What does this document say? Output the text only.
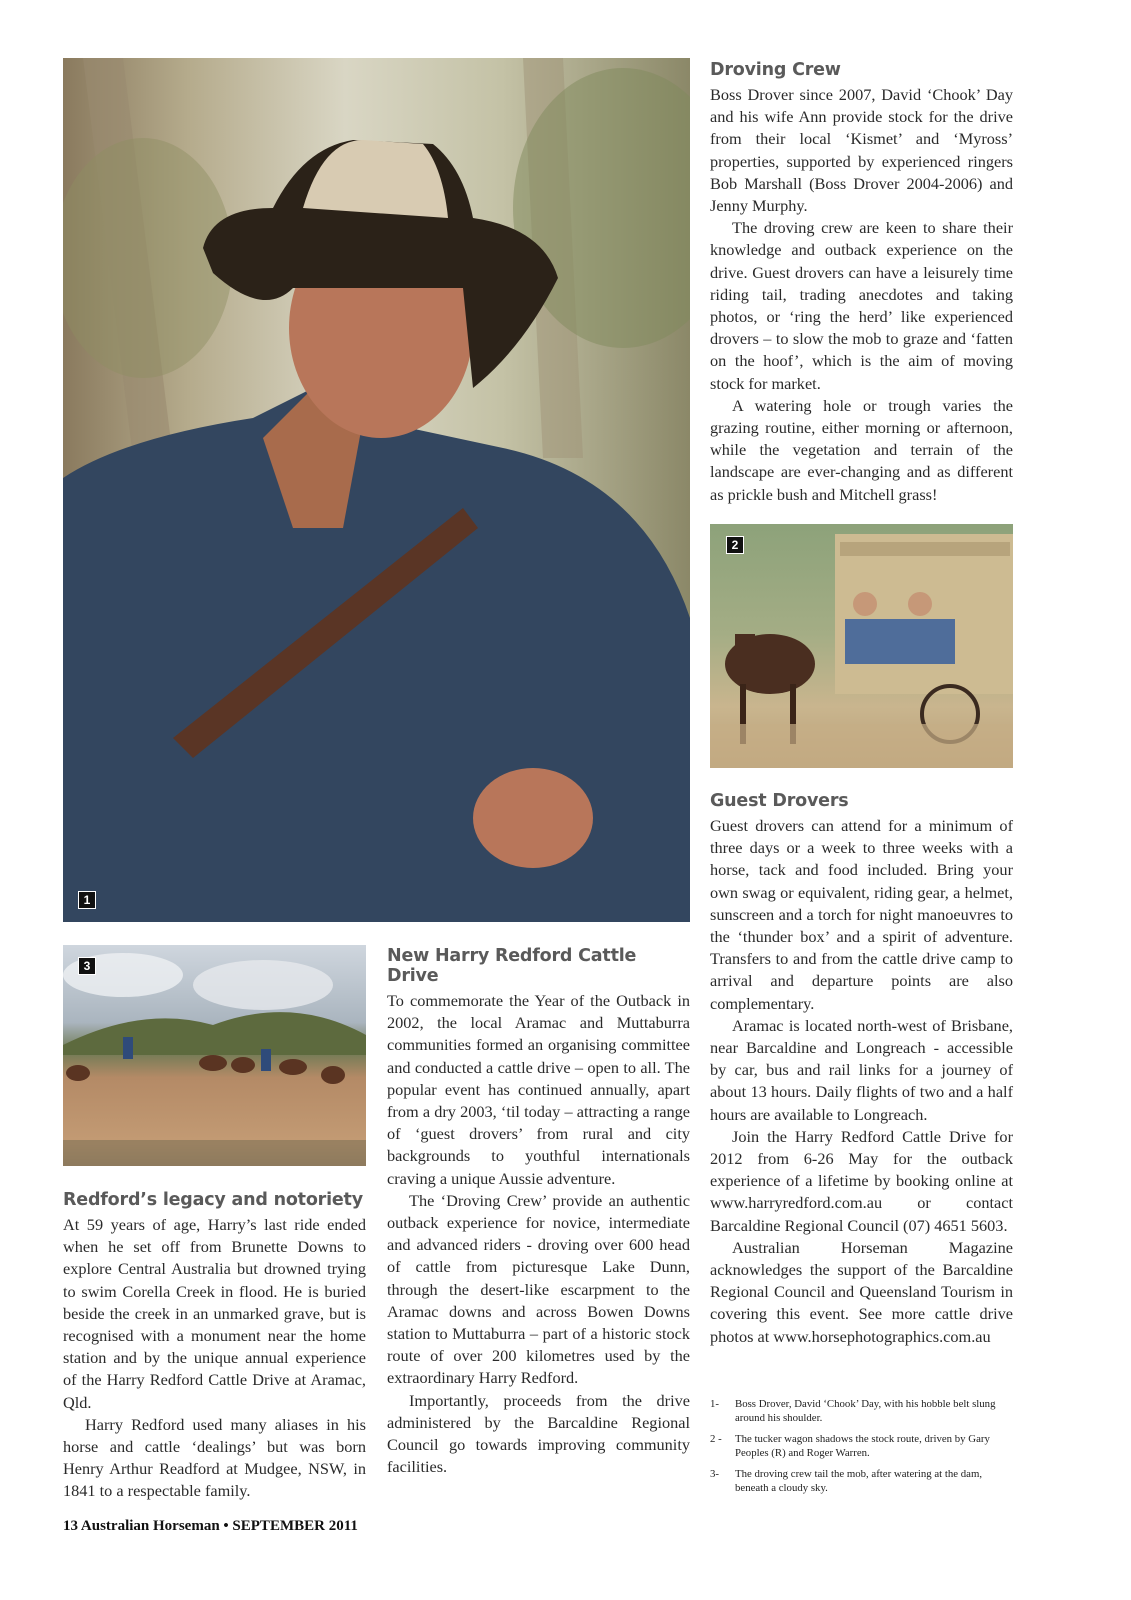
1
2
3
Droving Crew

Boss Drover since 2007, David ‘Chook’ Day and his wife Ann provide stock for the drive from their local ‘Kismet’ and ‘Myross’ properties, supported by experienced ringers Bob Marshall (Boss Drover 2004-2006) and Jenny Murphy.

The droving crew are keen to share their knowledge and outback experience on the drive. Guest drovers can have a leisurely time riding tail, trading anecdotes and taking photos, or ‘ring the herd’ like experienced drovers – to slow the mob to graze and ‘fatten on the hoof’, which is the aim of moving stock for market.

A watering hole or trough varies the grazing routine, either morning or afternoon, while the vegetation and terrain of the landscape are ever-changing and as different as prickle bush and Mitchell grass!

Guest Drovers

Guest drovers can attend for a minimum of three days or a week to three weeks with a horse, tack and food included. Bring your own swag or equivalent, riding gear, a helmet, sunscreen and a torch for night manoeuvres to the ‘thunder box’ and a spirit of adventure. Transfers to and from the cattle drive camp to arrival and departure points are also complementary.

Aramac is located north-west of Brisbane, near Barcaldine and Longreach - accessible by car, bus and rail links for a journey of about 13 hours. Daily flights of two and a half hours are available to Longreach.

Join the Harry Redford Cattle Drive for 2012 from 6-26 May for the outback experience of a lifetime by booking online at www.harryredford.com.au or contact Barcaldine Regional Council (07) 4651 5603.

Australian Horseman Magazine acknowledges the support of the Barcaldine Regional Council and Queensland Tourism in covering this event. See more cattle drive photos at www.horsephotographics.com.au

New Harry Redford Cattle Drive

To commemorate the Year of the Outback in 2002, the local Aramac and Muttaburra communities formed an organising committee and conducted a cattle drive – open to all. The popular event has continued annually, apart from a dry 2003, ‘til today – attracting a range of ‘guest drovers’ from rural and city backgrounds to youthful internationals craving a unique Aussie adventure.

The ‘Droving Crew’ provide an authentic outback experience for novice, intermediate and advanced riders - droving over 600 head of cattle from picturesque Lake Dunn, through the desert-like escarpment to the Aramac downs and across Bowen Downs station to Muttaburra – part of a historic stock route of over 200 kilometres used by the extraordinary Harry Redford.

Importantly, proceeds from the drive administered by the Barcaldine Regional Council go towards improving community facilities.

Redford’s legacy and notoriety

At 59 years of age, Harry’s last ride ended when he set off from Brunette Downs to explore Central Australia but drowned trying to swim Corella Creek in flood. He is buried beside the creek in an unmarked grave, but is recognised with a monument near the home station and by the unique annual experience of the Harry Redford Cattle Drive at Aramac, Qld.

Harry Redford used many aliases in his horse and cattle ‘dealings’ but was born Henry Arthur Readford at Mudgee, NSW, in 1841 to a respectable family.

1-	Boss Drover, David ‘Chook’ Day, with his hobble belt slung around his shoulder.
2 -	The tucker wagon shadows the stock route, driven by Gary Peoples (R) and Roger Warren.
3-	The droving crew tail the mob, after watering at the dam, beneath a cloudy sky.
13 Australian Horseman • SEPTEMBER 2011
